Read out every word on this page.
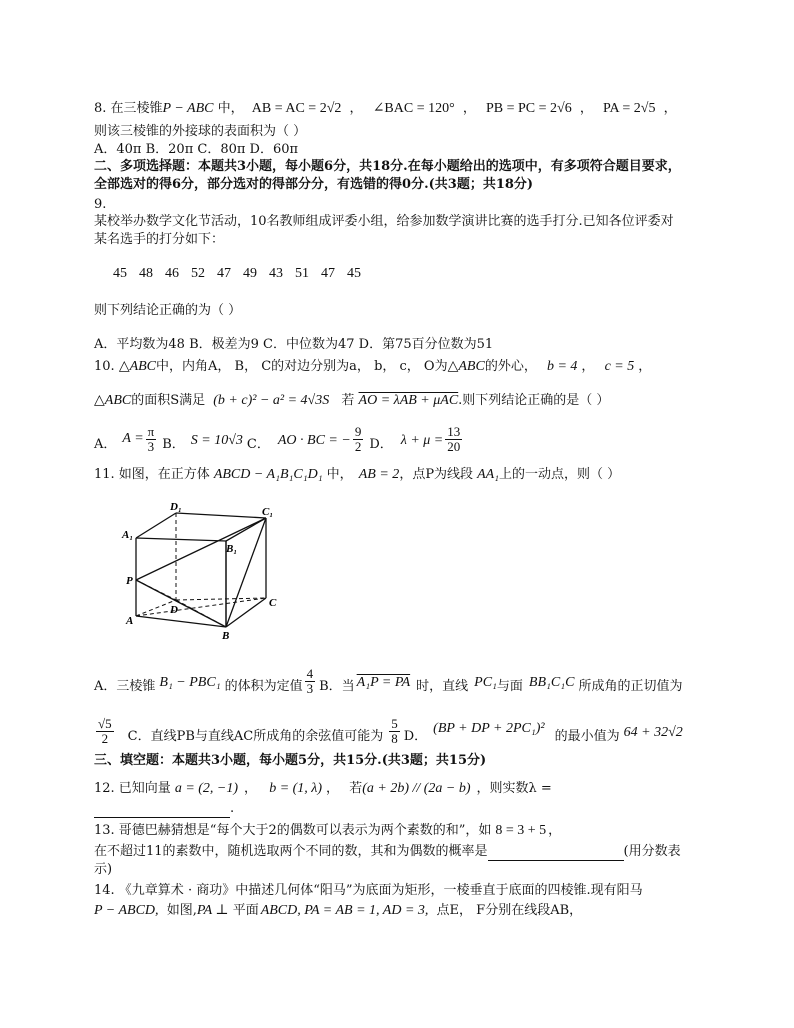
8. 在三棱锥P − ABC 中， AB = AC = 2√2 ， ∠BAC = 120° ， PB = PC = 2√6 ， PA = 2√5 ，
则该三棱锥的外接球的表面积为（ ）
A．40π B．20π C．80π D．60π
二、多项选择题：本题共3小题，每小题6分，共18分.在每小题给出的选项中，有多项符合题目要求，
全部选对的得6分，部分选对的得部分分，有选错的得0分.(共3题；共18分)
9.
某校举办数学文化节活动，10名教师组成评委小组，给参加数学演讲比赛的选手打分.已知各位评委对
某名选手的打分如下：
45 48 46 52 47 49 43 51 47 45
则下列结论正确的为（ ）
A．平均数为48 B．极差为9 C．中位数为47 D．第75百分位数为51
10. △ABC中，内角A， B， C的对边分别为a， b， c， O为△ABC的外心， b = 4 ， c = 5 ，
△ABC的面积S满足 (b + c)² − a² = 4√3S 若 AO = λAB + μAC.则下列结论正确的是（ ）
A． $A = \frac{\pi}{3}$ B． S = 10√3 C． AO · BC = − $\frac{9}{2}$ D． $\lambda + \mu = \frac{13}{20}$
11. 如图，在正方体 ABCD − A₁B₁C₁D₁ 中， AB = 2，点P为线段 AA₁上的一动点，则（ ）
D₁	C₁
A₁
B₁
P
D
C
A
B
A．三棱锥 B₁ − PBC₁ 的体积为定值 $\frac{4}{3}$ B．当 A₁P = PA 时，直线 PC₁ 与面 BB₁C₁C 所成角的正切值为
$\frac{√5}{2}$ C．直线PB与直线AC所成角的余弦值可能为 $\frac{5}{8}$ D．
(BP + DP + 2PC₁)²
的最小值为 64 + 32√2
三、填空题：本题共3小题，每小题5分，共15分.(共3题；共15分)
12. 已知向量 a = (2, −1) ， b = (1, λ) ， 若(a + 2b) // (2a − b) ，则实数λ =
.
13. 哥德巴赫猜想是“每个大于2的偶数可以表示为两个素数的和”，如 8 = 3 + 5 ，
在不超过11的素数中，随机选取两个不同的数，其和为偶数的概率是	(用分数表
示)
14. 《九章算术 · 商功》中描述几何体“阳马”为底面为矩形，一棱垂直于底面的四棱锥.现有阳马
P − ABCD, 如图,PA ⊥ 平面 ABCD, PA = AB = 1, AD = 3, 点E， F分别在线段AB，
